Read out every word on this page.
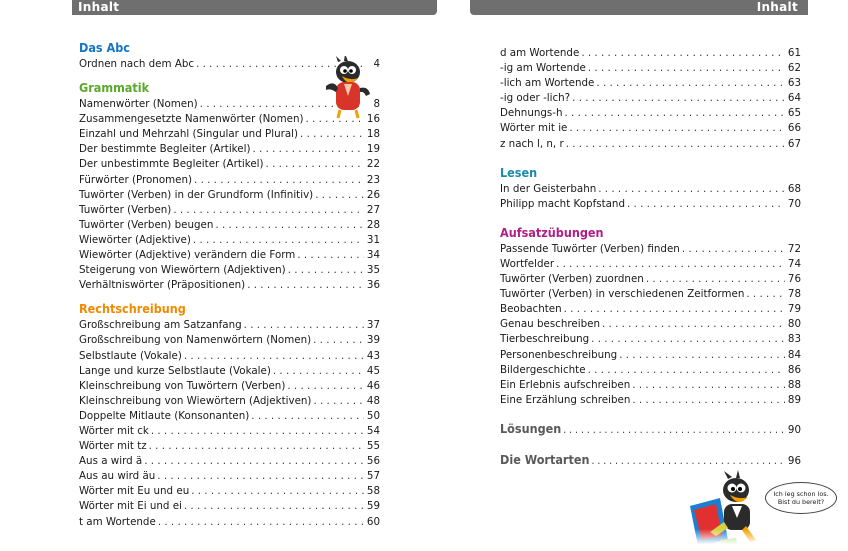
Inhalt	Inhalt
Das Abc
Ordnen nach dem Abc . . .	4
Grammatik
Namenwörter (Nomen) . . .	8
Zusammengesetzte Namenwörter (Nomen) . . .	16
Einzahl und Mehrzahl (Singular und Plural) . . .	18
Der bestimmte Begleiter (Artikel) . . .	19
Der unbestimmte Begleiter (Artikel) . . .	22
Fürwörter (Pronomen) . . .	23
Tuwörter (Verben) in der Grundform (Infinitiv) . . .	26
Tuwörter (Verben) . . .	27
Tuwörter (Verben) beugen . . .	28
Wiewörter (Adjektive) . . .	31
Wiewörter (Adjektive) verändern die Form . . .	34
Steigerung von Wiewörtern (Adjektiven) . . .	35
Verhältniswörter (Präpositionen) . . .	36
Rechtschreibung
Großschreibung am Satzanfang . . .	37
Großschreibung von Namenwörtern (Nomen) . . .	39
Selbstlaute (Vokale) . . .	43
Lange und kurze Selbstlaute (Vokale) . . .	45
Kleinschreibung von Tuwörtern (Verben) . . .	46
Kleinschreibung von Wiewörtern (Adjektiven) . . .	48
Doppelte Mitlaute (Konsonanten) . . .	50
Wörter mit ck . . .	54
Wörter mit tz . . .	55
Aus a wird ä . . .	56
Aus au wird äu . . .	57
Wörter mit Eu und eu . . .	58
Wörter mit Ei und ei . . .	59
t am Wortende . . .	60
d am Wortende . . .	61
-ig am Wortende . . .	62
-lich am Wortende . . .	63
-ig oder -lich? . . .	64
Dehnungs-h . . .	65
Wörter mit ie . . .	66
z nach l, n, r . . .	67
Lesen
In der Geisterbahn . . .	68
Philipp macht Kopfstand . . .	70
Aufsatzübungen
Passende Tuwörter (Verben) finden . . .	72
Wortfelder . . .	74
Tuwörter (Verben) zuordnen . . .	76
Tuwörter (Verben) in verschiedenen Zeitformen . . .	78
Beobachten . . .	79
Genau beschreiben . . .	80
Tierbeschreibung . . .	83
Personenbeschreibung . . .	84
Bildergeschichte . . .	86
Ein Erlebnis aufschreiben . . .	88
Eine Erzählung schreiben . . .	89
Lösungen . . .	90
Die Wortarten . . .	96
Ich leg schon los.
Bist du bereit?
